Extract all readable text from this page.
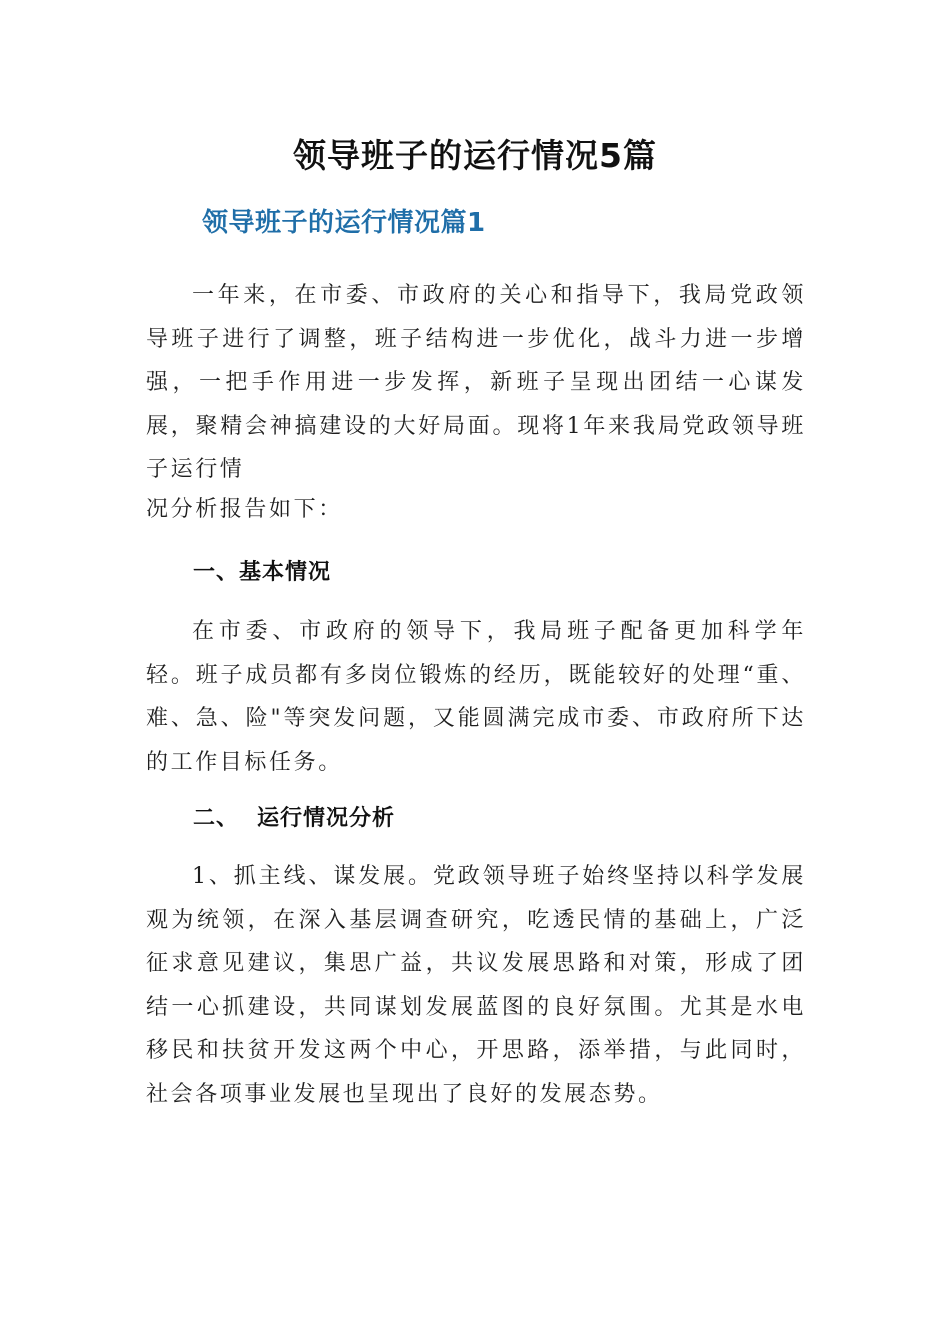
领导班子的运行情况5篇
领导班子的运行情况篇1

一年来，在市委、市政府的关心和指导下，我局党政领导班子进行了调整，班子结构进一步优化，战斗力进一步增强，一把手作用进一步发挥，新班子呈现出团结一心谋发展，聚精会神搞建设的大好局面。现将1年来我局党政领导班子运行情

况分析报告如下：

一、基本情况

在市委、市政府的领导下，我局班子配备更加科学年轻。班子成员都有多岗位锻炼的经历，既能较好的处理“重、难、急、险"等突发问题，又能圆满完成市委、市政府所下达的工作目标任务。

二、 运行情况分析

1、抓主线、谋发展。党政领导班子始终坚持以科学发展观为统领，在深入基层调查研究，吃透民情的基础上，广泛征求意见建议，集思广益，共议发展思路和对策，形成了团结一心抓建设，共同谋划发展蓝图的良好氛围。尤其是水电移民和扶贫开发这两个中心，开思路，添举措，与此同时，社会各项事业发展也呈现出了良好的发展态势。
